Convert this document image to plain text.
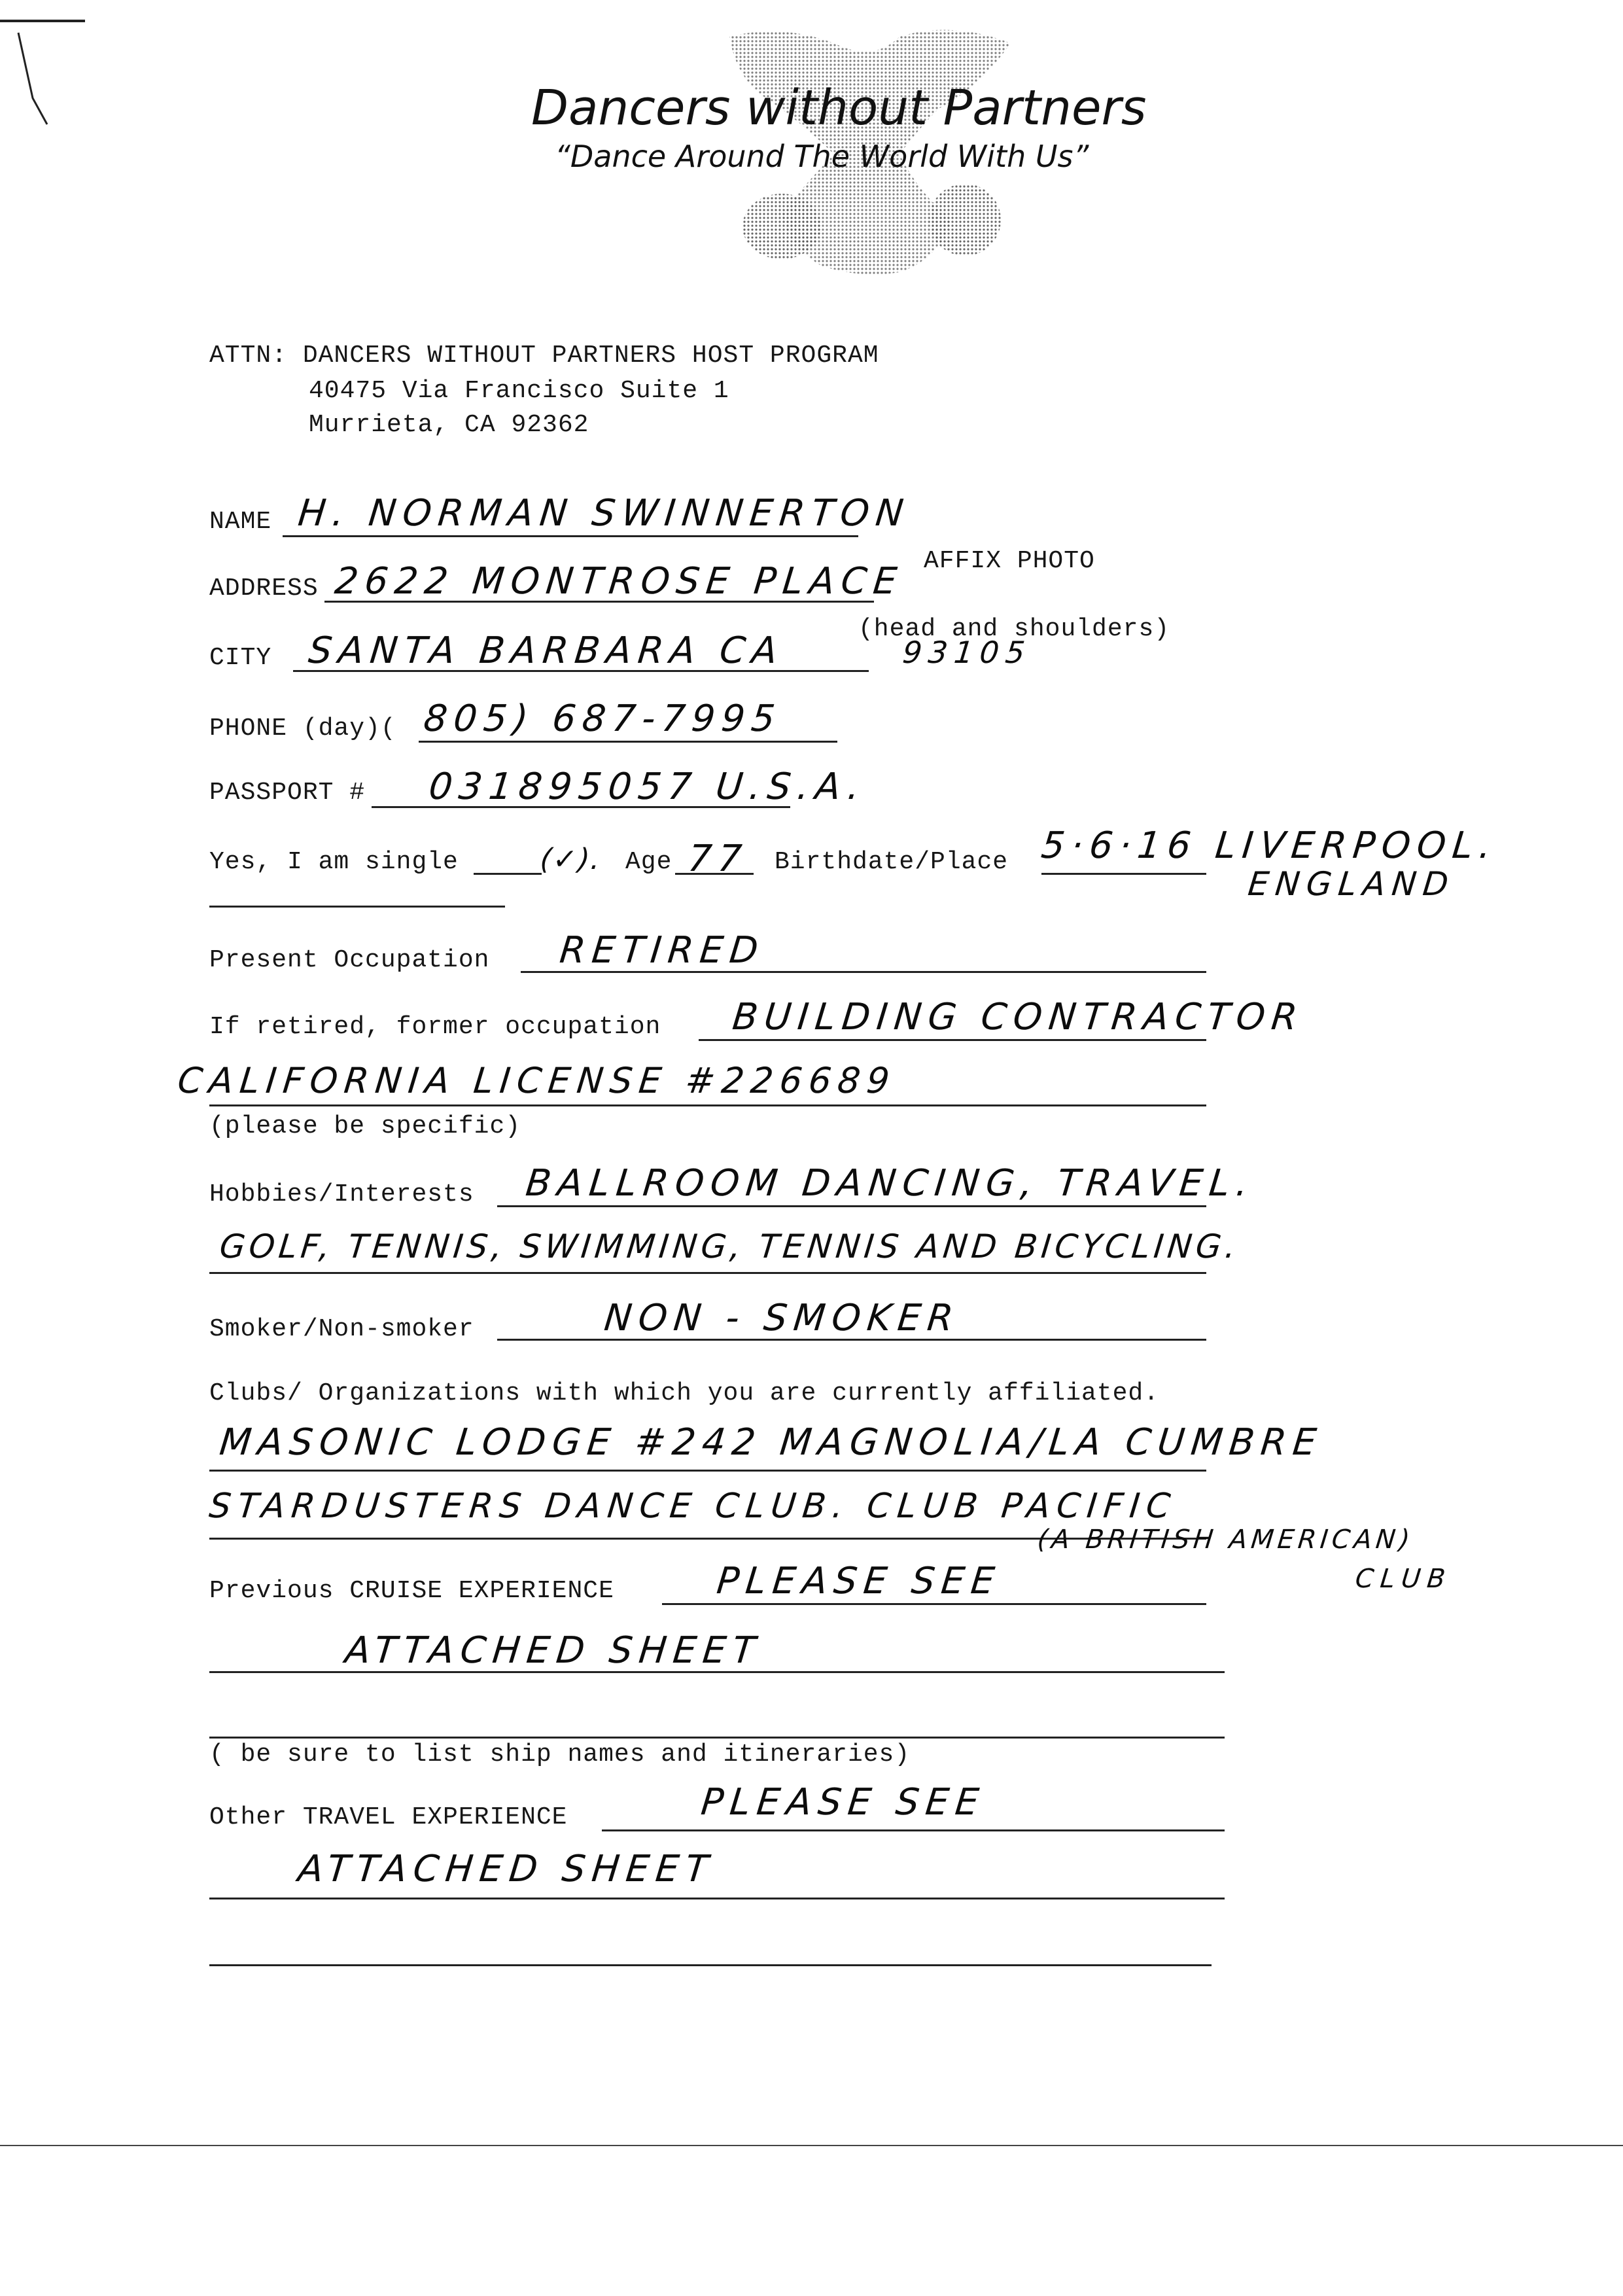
Dancers without Partners
“Dance Around The World With Us”
ATTN: DANCERS WITHOUT PARTNERS HOST PROGRAM
40475 Via Francisco Suite 1
Murrieta, CA 92362
AFFIX PHOTO
(head and shoulders)
NAME H. NORMAN SWINNERTON
ADDRESS 2622 MONTROSE PLACE
CITY SANTA BARBARA CA	93105
PHONE (day)( 805) 687-7995
PASSPORT # 031895057 U.S.A.
Yes, I am single	(✓). Age 77 Birthdate/Place 5·6·16 LIVERPOOL.
ENGLAND
Present Occupation RETIRED
If retired, former occupation BUILDING CONTRACTOR
CALIFORNIA LICENSE #226689
(please be specific)
Hobbies/Interests BALLROOM DANCING, TRAVEL.
GOLF, TENNIS, SWIMMING, TENNIS AND BICYCLING.
Smoker/Non-smoker	NON - SMOKER
Clubs/ Organizations with which you are currently affiliated.
MASONIC LODGE #242 MAGNOLIA/LA CUMBRE
STARDUSTERS DANCE CLUB. CLUB PACIFIC
(A BRITISH AMERICAN)
CLUB
Previous CRUISE EXPERIENCE	PLEASE SEE
ATTACHED SHEET
( be sure to list ship names and itineraries)
Other TRAVEL EXPERIENCE	PLEASE SEE
ATTACHED SHEET
